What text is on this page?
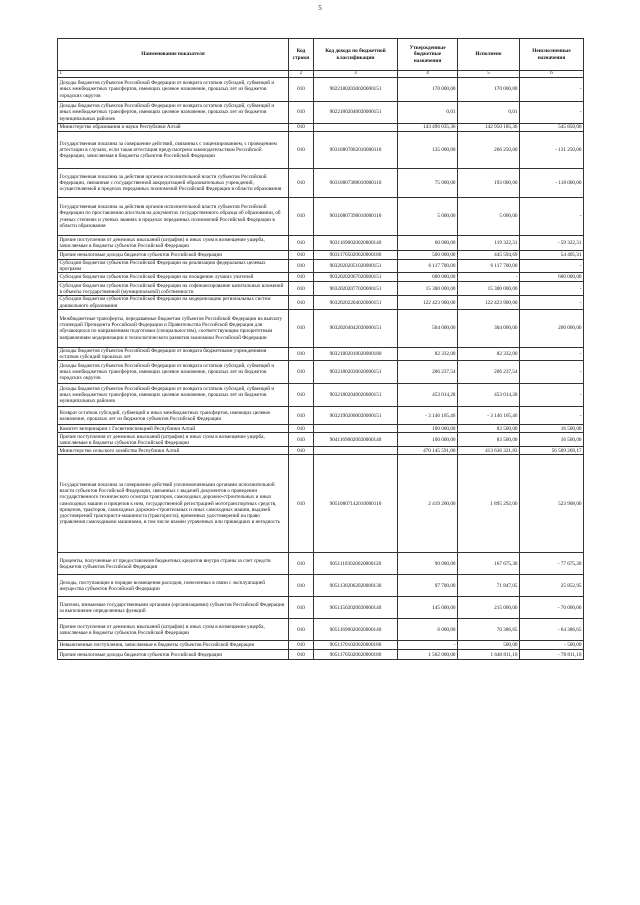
5
Наименование показателя	Код строки	Код дохода по бюджетной классификации	Утвержденные бюджетные назначения	Исполнено	Неисполненные назначения
1	2	3	4	5	6
Доходы бюджетов субъектов Российской Федерации от возврата остатков субсидий, субвенций и иных межбюджетных трансфертов, имеющих целевое назначение, прошлых лет из бюджетов городских округов	010	90221802030020000151	170 000,00	170 000,00	-
Доходы бюджетов субъектов Российской Федерации от возврата остатков субсидий, субвенций и иных межбюджетных трансфертов, имеющих целевое назначение, прошлых лет из бюджетов муниципальных районов	010	90221802040020000151	0,01	0,01	-
Министерство образования и науки Республики Алтай	010		143 496 035,36	142 950 185,36	545 850,00
Государственная пошлина за совершение действий, связанных с лицензированием, с проведением аттестации в случаях, если такая аттестация предусмотрена законодательством Российской Федерации, зачисляемая в бюджеты субъектов Российской Федерации	010	90310807082010000110	135 000,00	266 250,00	- 131 250,00
Государственная пошлина за действия органов исполнительной власти субъектов Российской Федерации, связанные с государственной аккредитацией образовательных учреждений, осуществляемой в пределах переданных полномочий Российской Федерации в области образования	010	90310807380010000110	75 000,00	193 000,00	- 118 000,00
Государственная пошлина за действия органов исполнительной власти субъектов Российской Федерации по проставлению апостиля на документах государственного образца об образовании, об ученых степенях и ученых званиях в пределах переданных полномочий Российской Федерации в области образования	010	90310807390010000110	5 000,00	5 000,00	-
Прочие поступления от денежных взысканий (штрафов) и иных сумм в возмещение ущерба, зачисляемые в бюджеты субъектов Российской Федерации	010	90311690020020000140	60 000,00	119 322,31	- 59 322,31
Прочие неналоговые доходы бюджетов субъектов Российской Федерации	010	90311705020020000180	500 000,00	445 594,69	54 405,31
Субсидии бюджетам субъектов Российской Федерации на реализацию федеральных целевых программ	010	90320202051020000151	6 117 700,00	6 117 700,00	-
Субсидии бюджетам субъектов Российской Федерации на поощрение лучших учителей	010	90320202067020000151	600 000,00	-	600 000,00
Субсидии бюджетам субъектов Российской Федерации на софинансирование капитальных вложений в объекты государственной (муниципальной) собственности	010	90320202077020000151	15 300 000,00	15 300 000,00	-
Субсидии бюджетам субъектов Российской Федерации на модернизацию региональных систем дошкольного образования	010	90320202204020000151	122 423 900,00	122 423 900,00	-
Межбюджетные трансферты, передаваемые бюджетам субъектов Российской Федерации на выплату стипендий Президента Российской Федерации и Правительства Российской Федерации для обучающихся по направлениям подготовки (специальностям), соответствующим приоритетным направлениям модернизации и технологического развития экономики Российской Федерации	010	90320204042020000151	504 000,00	304 000,00	200 000,00
Доходы бюджетов субъектов Российской Федерации от возврата бюджетными учреждениями остатков субсидий прошлых лет	010	90321802010020000180	82 332,00	82 332,00	-
Доходы бюджетов субъектов Российской Федерации от возврата остатков субсидий, субвенций и иных межбюджетных трансфертов, имеющих целевое назначение, прошлых лет из бюджетов городских округов	010	90321802030020000151	206 237,54	206 237,54	-
Доходы бюджетов субъектов Российской Федерации от возврата остатков субсидий, субвенций и иных межбюджетных трансфертов, имеющих целевое назначение, прошлых лет из бюджетов муниципальных районов	010	90321802040020000151	453 014,28	453 014,28	-
Возврат остатков субсидий, субвенций и иных межбюджетных трансфертов, имеющих целевое назначение, прошлых лет из бюджетов субъектов Российской Федерации	010	90321902000020000151	- 3 146 165,46	- 3 146 165,46	-
Комитет ветеринарии с Госветинспекцией Республики Алтай	010		100 000,00	83 500,00	16 500,00
Прочие поступления от денежных взысканий (штрафов) и иных сумм в возмещение ущерба, зачисляемые в бюджеты субъектов Российской Федерации	010	90411690020020000140	100 000,00	83 500,00	16 500,00
Министерство сельского хозяйства Республики Алтай	010		470 145 591,00	413 636 321,83	56 509 269,17
Государственная пошлина за совершение действий уполномоченными органами исполнительной власти субъектов Российской Федерации, связанных с выдачей документов о проведении государственного технического осмотра тракторов, самоходных дорожно-строительных и иных самоходных машин и прицепов к ним, государственной регистрацией мототранспортных средств, прицепов, тракторов, самоходных дорожно-строительных и иных самоходных машин, выдачей удостоверений тракториста-машиниста (тракториста), временных удостоверений на право управления самоходными машинами, в том числе взамен утраченных или пришедших в негодность	010	90510807142010000110	2 419 200,00	1 895 292,00	523 908,00
Проценты, полученные от предоставления бюджетных кредитов внутри страны за счет средств бюджетов субъектов Российской Федерации	010	90511103020020000120	90 000,00	167 675,30	- 77 675,30
Доходы, поступающие в порядке возмещения расходов, понесенных в связи с эксплуатацией имущества субъектов Российской Федерации	010	90511302062020000130	97 700,00	71 847,05	25 852,95
Платежи, взимаемые государственными органами (организациями) субъектов Российской Федерации за выполнение определенных функций	010	90511502020020000140	145 000,00	215 000,00	- 70 000,00
Прочие поступления от денежных взысканий (штрафов) и иных сумм в возмещение ущерба, зачисляемые в бюджеты субъектов Российской Федерации	010	90511690020020000140	6 000,00	70 386,65	- 64 386,65
Невыясненные поступления, зачисляемые в бюджеты субъектов Российской Федерации	010	90511701020020000180	-	500,00	- 500,00
Прочие неналоговые доходы бюджетов субъектов Российской Федерации	010	90511705020020000180	1 562 000,00	1 640 811,16	- 78 811,16
